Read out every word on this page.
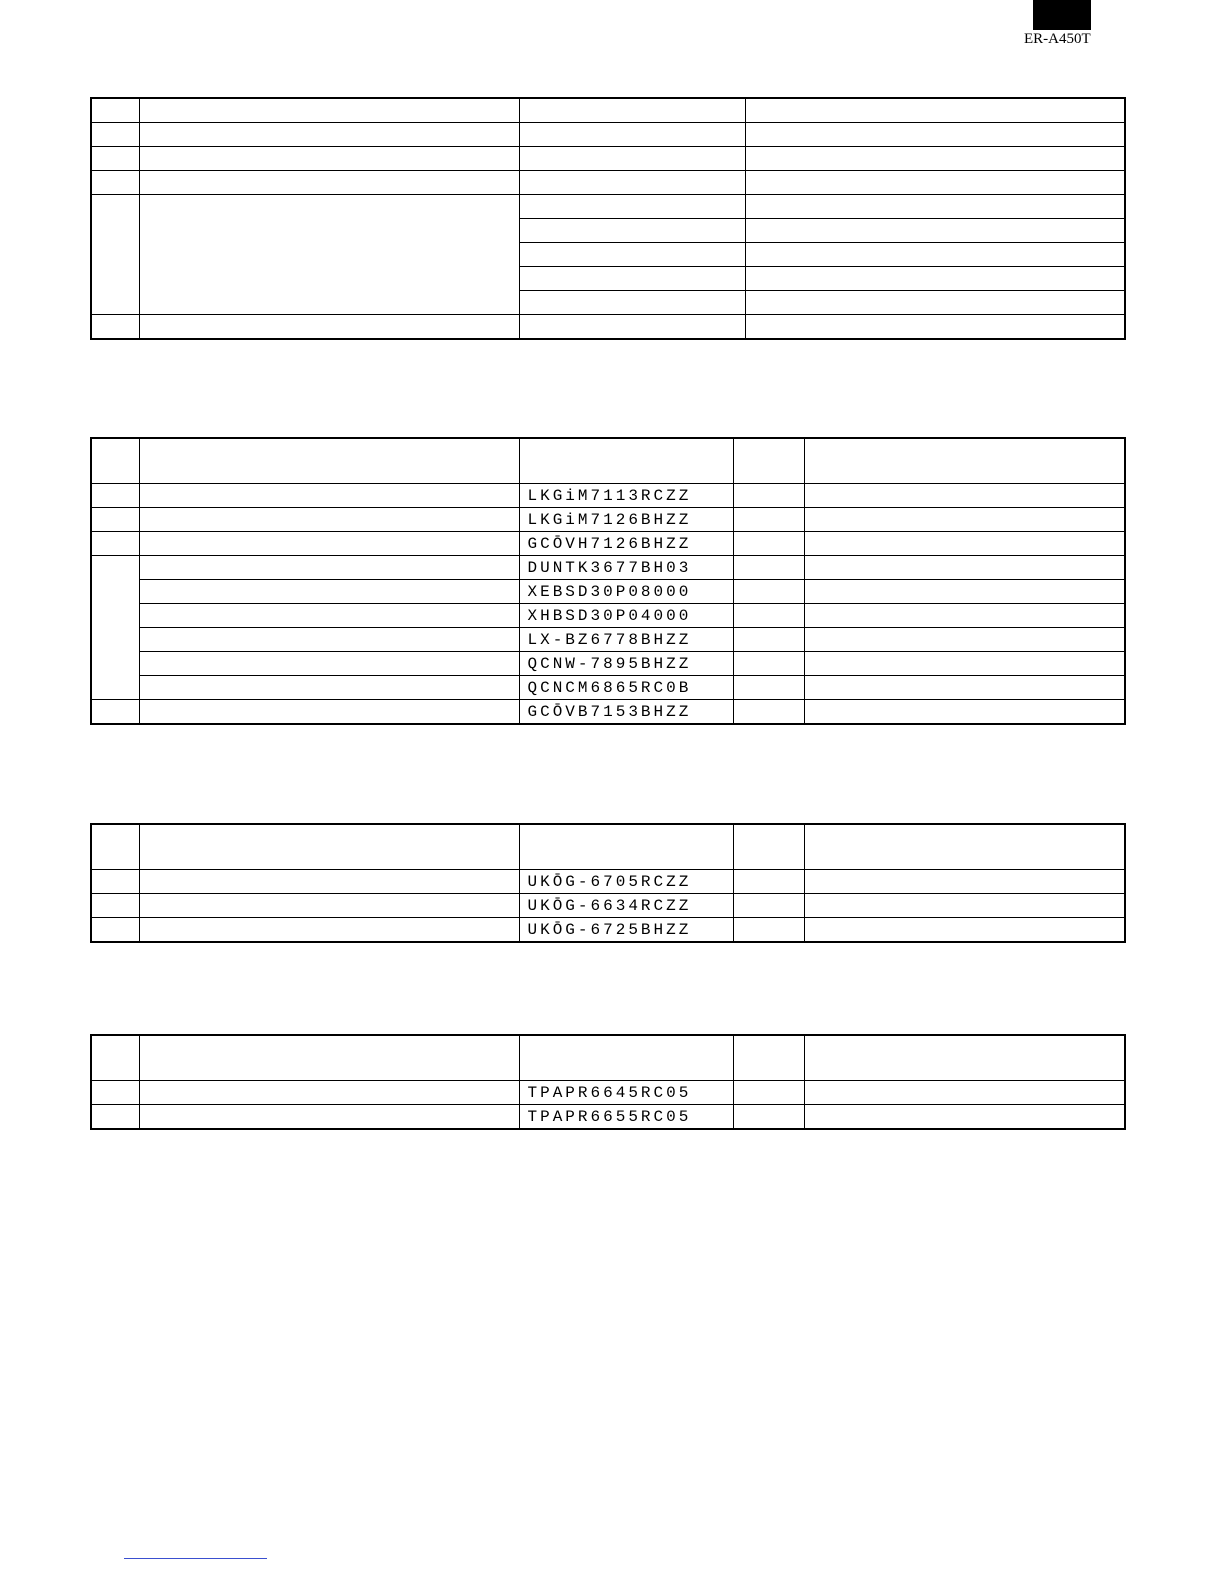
ER-A450T

		LKGiM7113RCZZ		
		LKGiM7126BHZZ		
		GCŌVH7126BHZZ		
		DUNTK3677BH03		
		XEBSD30P08000		
		XHBSD30P04000		
		LX-BZ6778BHZZ		
		QCNW-7895BHZZ		
		QCNCM6865RC0B		
		GCŌVB7153BHZZ		

		UKŌG-6705RCZZ		
		UKŌG-6634RCZZ		
		UKŌG-6725BHZZ		

		TPAPR6645RC05		
		TPAPR6655RC05		
